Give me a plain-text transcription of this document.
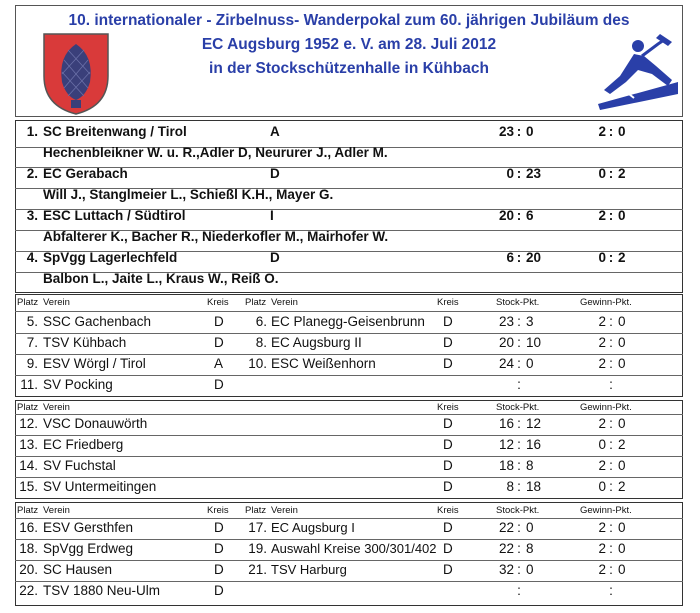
10. internationaler - Zirbelnuss- Wanderpokal zum 60. jährigen Jubiläum des
EC Augsburg 1952 e. V. am 28. Juli 2012
in der Stockschützenhalle in Kühbach
1. SC Breitenwang / Tirol	A	23 : 0	2 : 0
Hechenbleikner W. u. R.,Adler D, Neururer J., Adler M.
2. EC Gerabach	D	0 : 23	0 : 2
Will J., Stanglmeier L., Schießl K.H., Mayer G.
3. ESC Luttach / Südtirol	I	20 : 6	2 : 0
Abfalterer K., Bacher R., Niederkofler M., Mairhofer W.
4. SpVgg Lagerlechfeld	D	6 : 20	0 : 2
Balbon L., Jaite L., Kraus W., Reiß O.
Platz Verein	Kreis Platz Verein	Kreis	Stock-Pkt.	Gewinn-Pkt.
5. SSC Gachenbach	D	6. EC Planegg-Geisenbrunn D	23 : 3	2 : 0
7. TSV Kühbach	D	8. EC Augsburg II	D	20 : 10	2 : 0
9. ESV Wörgl / Tirol	A 10. ESC Weißenhorn	D	24 : 0	2 : 0
11. SV Pocking	D	:	:
Platz Verein	Kreis	Stock-Pkt.	Gewinn-Pkt.
12. VSC Donauwörth	D	16 : 12	2 : 0
13. EC Friedberg	D	12 : 16	0 : 2
14. SV Fuchstal	D	18 : 8	2 : 0
15. SV Untermeitingen	D	8 : 18	0 : 2
Platz Verein	Kreis Platz Verein	Kreis	Stock-Pkt.	Gewinn-Pkt.
16. ESV Gersthfen	D 17. EC Augsburg I	D	22 : 0	2 : 0
18. SpVgg Erdweg	D 19. Auswahl Kreise 300/301/402 D	22 : 8	2 : 0
20. SC Hausen	D 21. TSV Harburg	D	32 : 0	2 : 0
22. TSV 1880 Neu-Ulm	D	:	:
